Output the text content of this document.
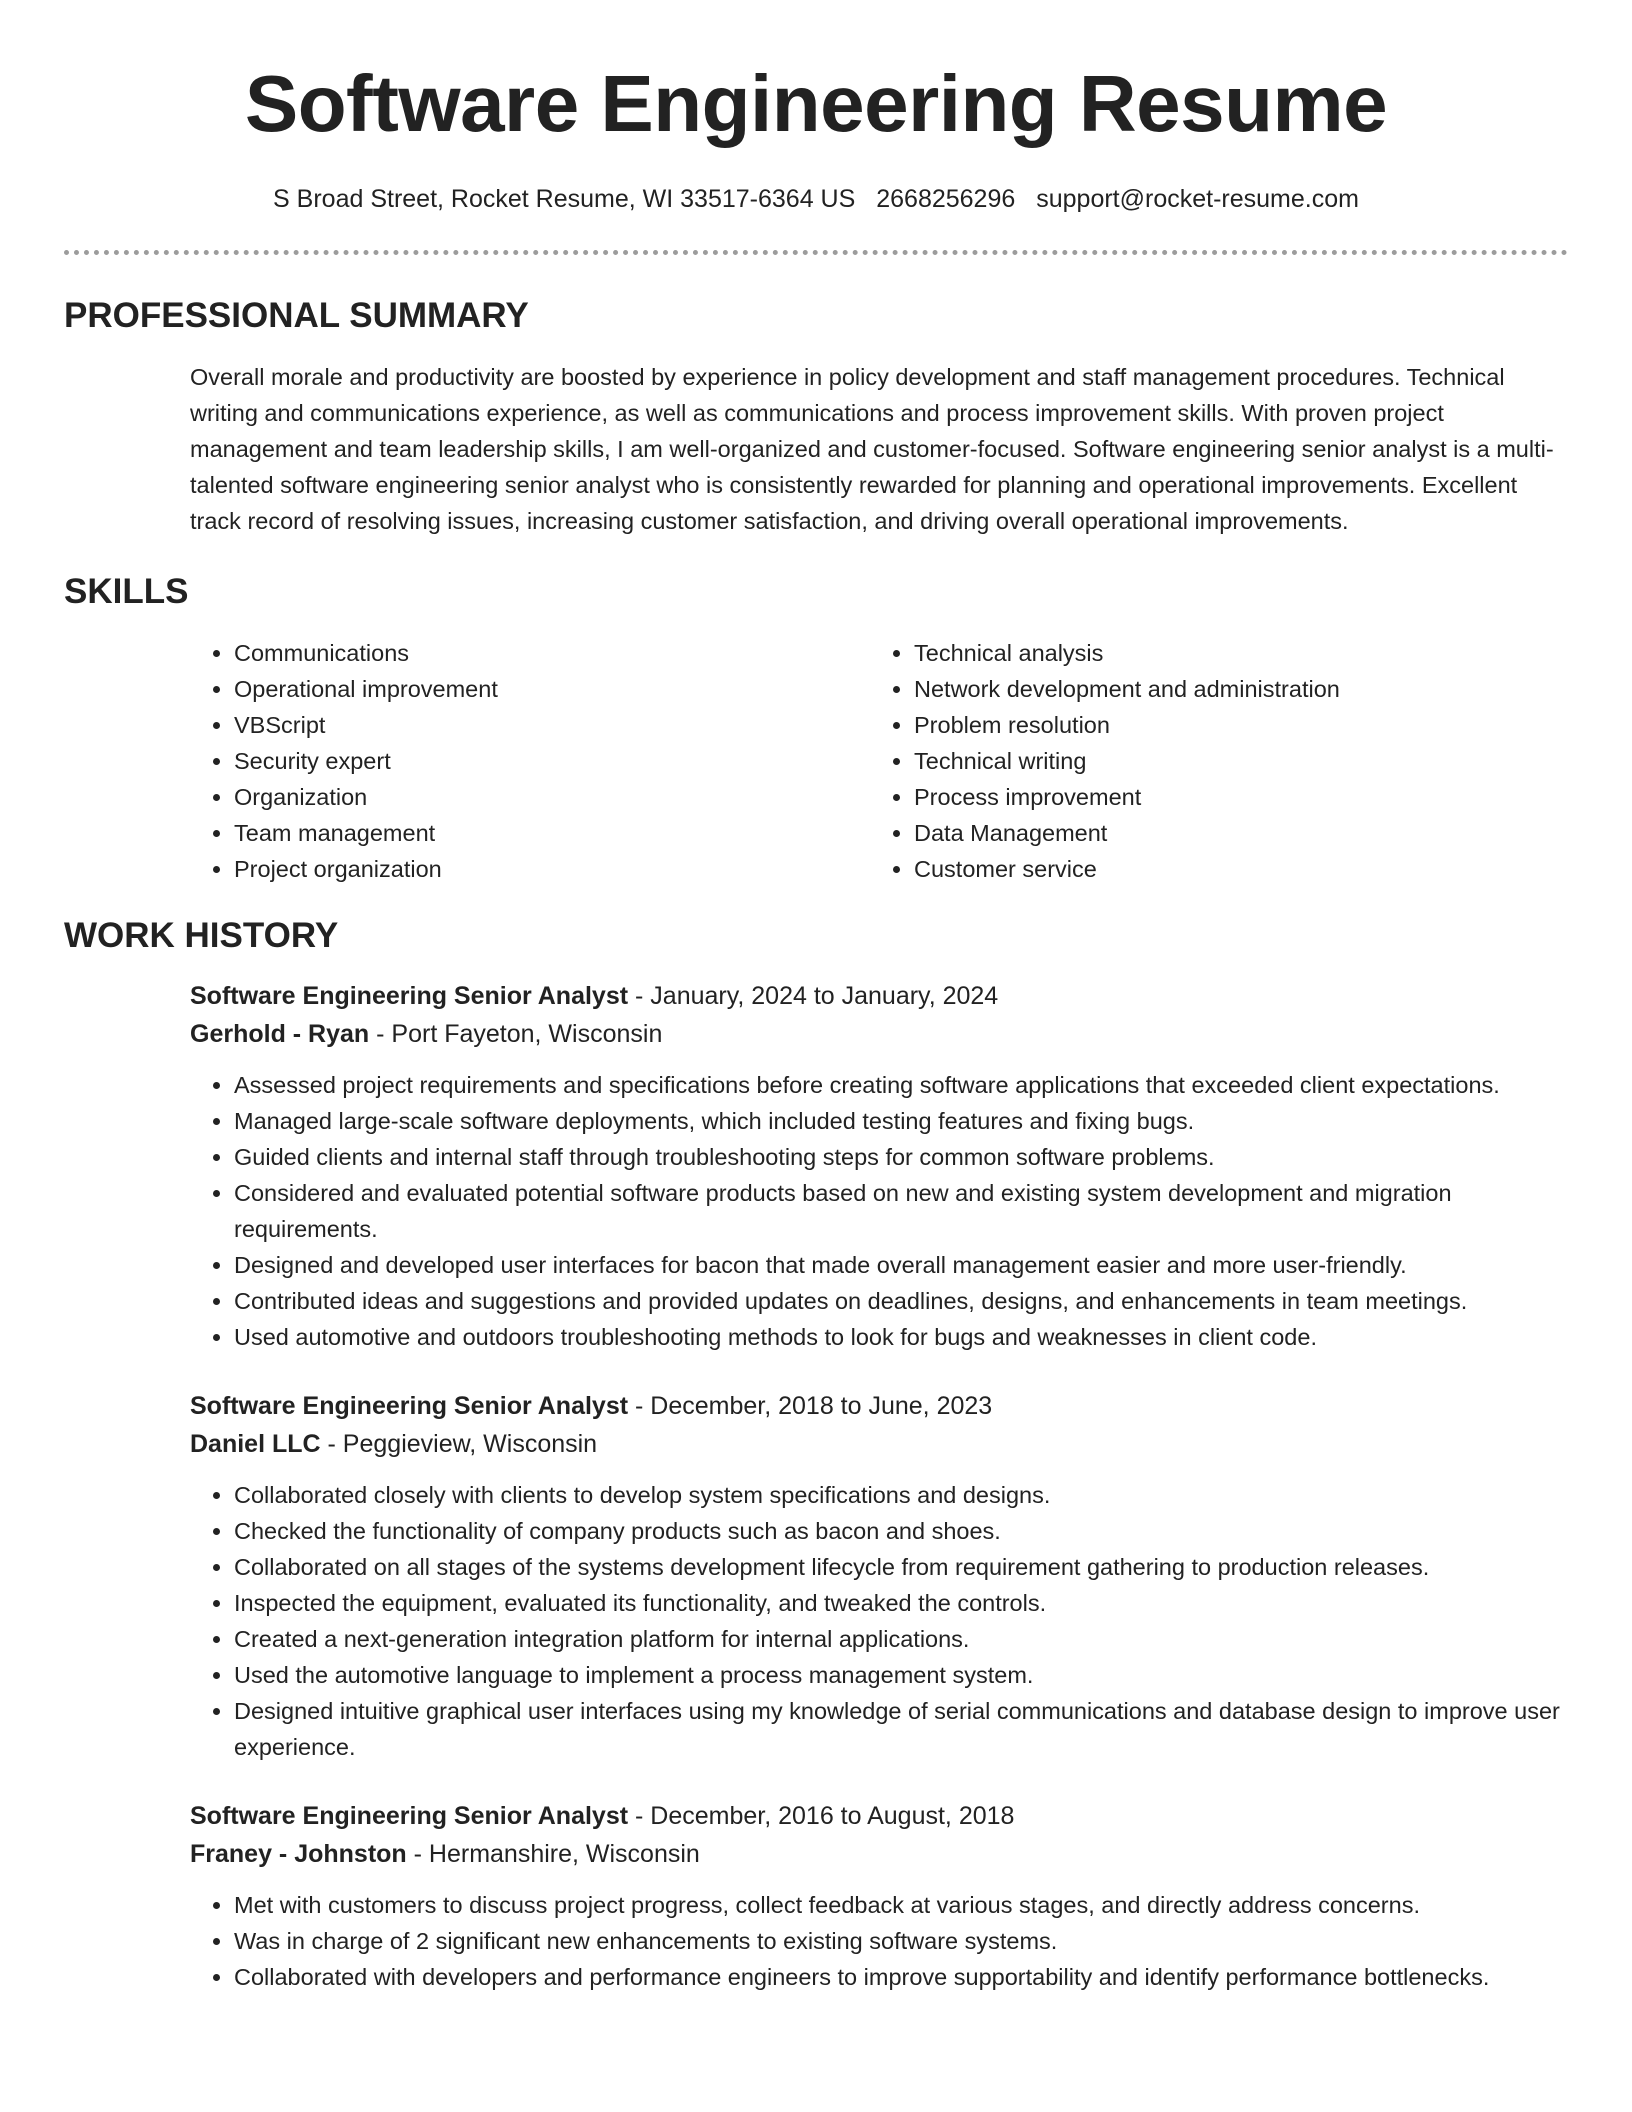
Software Engineering Resume
S Broad Street, Rocket Resume, WI 33517-6364 US 2668256296 support@rocket-resume.com
PROFESSIONAL SUMMARY

Overall morale and productivity are boosted by experience in policy development and staff management procedures. Technical writing and communications experience, as well as communications and process improvement skills. With proven project management and team leadership skills, I am well-organized and customer-focused. Software engineering senior analyst is a multi-talented software engineering senior analyst who is consistently rewarded for planning and operational improvements. Excellent track record of resolving issues, increasing customer satisfaction, and driving overall operational improvements.

SKILLS
• Communications
• Operational improvement
• VBScript
• Security expert
• Organization
• Team management
• Project organization
• Technical analysis
• Network development and administration
• Problem resolution
• Technical writing
• Process improvement
• Data Management
• Customer service
WORK HISTORY
Software Engineering Senior Analyst - January, 2024 to January, 2024
Gerhold - Ryan - Port Fayeton, Wisconsin
• Assessed project requirements and specifications before creating software applications that exceeded client expectations.
• Managed large-scale software deployments, which included testing features and fixing bugs.
• Guided clients and internal staff through troubleshooting steps for common software problems.
• Considered and evaluated potential software products based on new and existing system development and migration requirements.
• Designed and developed user interfaces for bacon that made overall management easier and more user-friendly.
• Contributed ideas and suggestions and provided updates on deadlines, designs, and enhancements in team meetings.
• Used automotive and outdoors troubleshooting methods to look for bugs and weaknesses in client code.
Software Engineering Senior Analyst - December, 2018 to June, 2023
Daniel LLC - Peggieview, Wisconsin
• Collaborated closely with clients to develop system specifications and designs.
• Checked the functionality of company products such as bacon and shoes.
• Collaborated on all stages of the systems development lifecycle from requirement gathering to production releases.
• Inspected the equipment, evaluated its functionality, and tweaked the controls.
• Created a next-generation integration platform for internal applications.
• Used the automotive language to implement a process management system.
• Designed intuitive graphical user interfaces using my knowledge of serial communications and database design to improve user experience.
Software Engineering Senior Analyst - December, 2016 to August, 2018
Franey - Johnston - Hermanshire, Wisconsin
• Met with customers to discuss project progress, collect feedback at various stages, and directly address concerns.
• Was in charge of 2 significant new enhancements to existing software systems.
• Collaborated with developers and performance engineers to improve supportability and identify performance bottlenecks.
